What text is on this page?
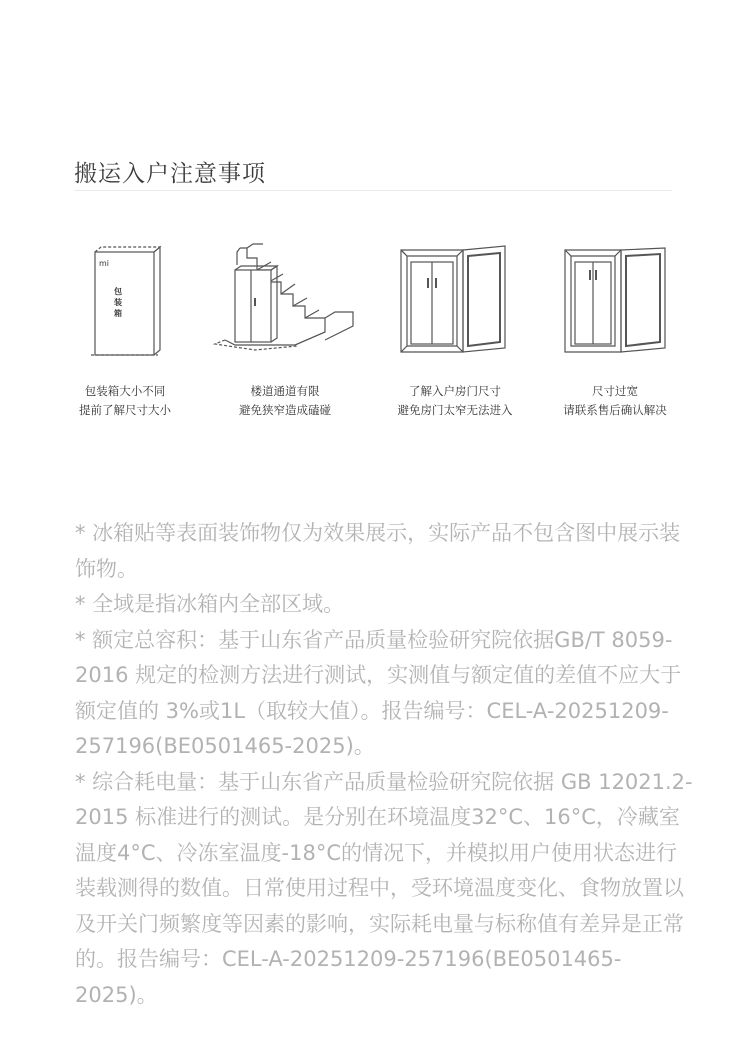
搬运入户注意事项
mi
包 装 箱
包装箱大小不同
提前了解尺寸大小
楼道通道有限
避免狭窄造成磕碰
了解入户房门尺寸
避免房门太窄无法进入
尺寸过宽
请联系售后确认解决

* 冰箱贴等表面装饰物仅为效果展示，实际产品不包含图中展示装饰物。

* 全域是指冰箱内全部区域。

* 额定总容积：基于山东省产品质量检验研究院依据GB/T 8059-2016 规定的检测方法进行测试，实测值与额定值的差值不应大于额定值的 3%或1L（取较大值）。报告编号：CEL-A-20251209-257196(BE0501465-2025)。

* 综合耗电量：基于山东省产品质量检验研究院依据 GB 12021.2-2015 标准进行的测试。是分别在环境温度32°C、16°C，冷藏室温度4°C、冷冻室温度-18°C的情况下，并模拟用户使用状态进行装载测得的数值。日常使用过程中，受环境温度变化、食物放置以及开关门频繁度等因素的影响，实际耗电量与标称值有差异是正常的。报告编号：CEL-A-20251209-257196(BE0501465-2025)。
